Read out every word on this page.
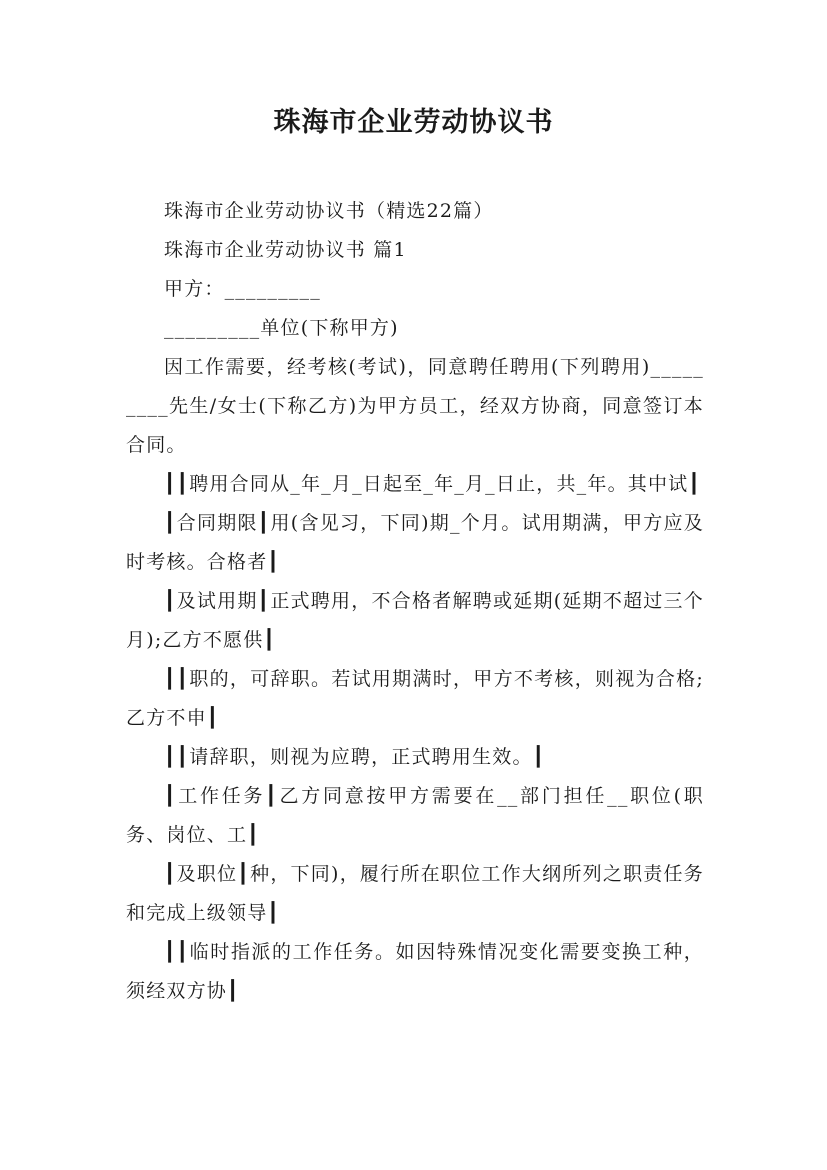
珠海市企业劳动协议书

珠海市企业劳动协议书（精选22篇）

珠海市企业劳动协议书 篇1

甲方：_________

_________单位(下称甲方)

因工作需要，经考核(考试)，同意聘任聘用(下列聘用)_________先生/女士(下称乙方)为甲方员工，经双方协商，同意签订本合同。

┃┃聘用合同从_年_月_日起至_年_月_日止，共_年。其中试┃

┃合同期限┃用(含见习，下同)期_个月。试用期满，甲方应及时考核。合格者┃

┃及试用期┃正式聘用，不合格者解聘或延期(延期不超过三个月);乙方不愿供┃

┃┃职的，可辞职。若试用期满时，甲方不考核，则视为合格;乙方不申┃

┃┃请辞职，则视为应聘，正式聘用生效。┃

┃工作任务┃乙方同意按甲方需要在__部门担任__职位(职务、岗位、工┃

┃及职位┃种，下同)，履行所在职位工作大纲所列之职责任务和完成上级领导┃

┃┃临时指派的工作任务。如因特殊情况变化需要变换工种，须经双方协┃
